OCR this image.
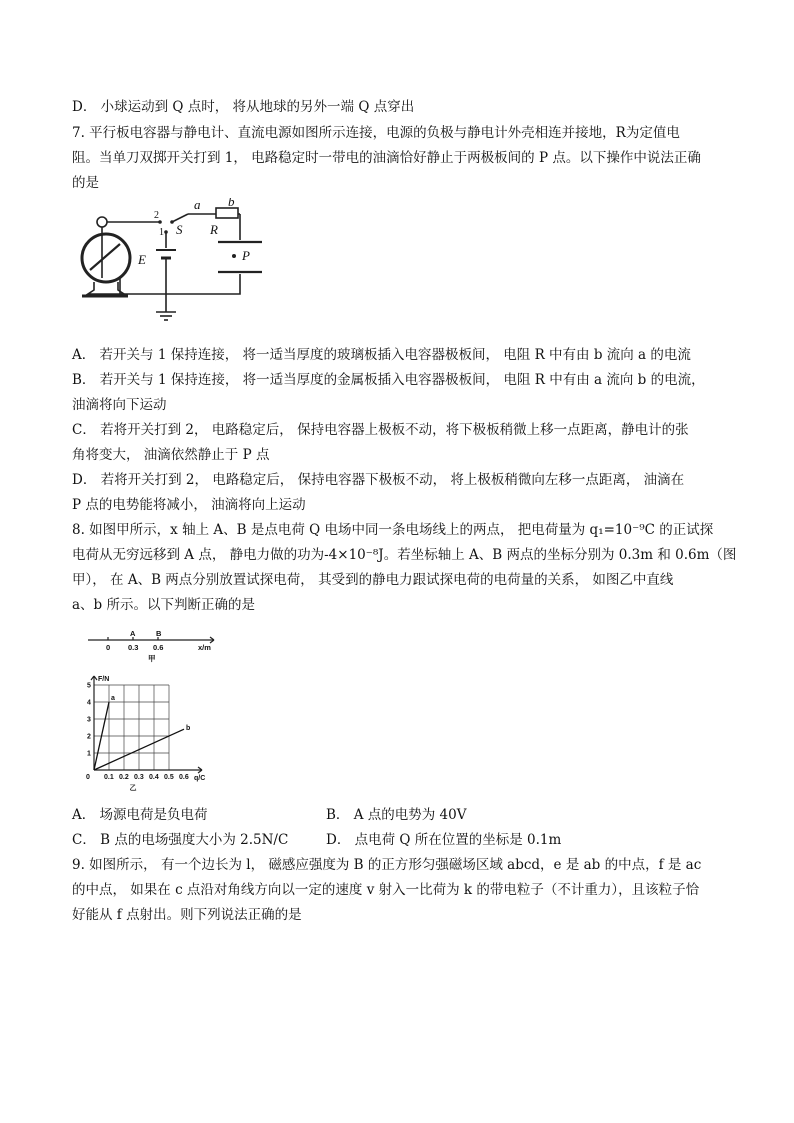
D． 小球运动到 Q 点时， 将从地球的另外一端 Q 点穿出
7. 平行板电容器与静电计、直流电源如图所示连接，电源的负极与静电计外壳相连并接地，R为定值电
阻。当单刀双掷开关打到 1， 电路稳定时一带电的油滴恰好静止于两极板间的 P 点。以下操作中说法正确
的是
a b
R
S
E	P
2
1
A． 若开关与 1 保持连接， 将一适当厚度的玻璃板插入电容器极板间， 电阻 R 中有由 b 流向 a 的电流
B． 若开关与 1 保持连接， 将一适当厚度的金属板插入电容器极板间， 电阻 R 中有由 a 流向 b 的电流，
油滴将向下运动
C． 若将开关打到 2， 电路稳定后， 保持电容器上极板不动，将下极板稍微上移一点距离，静电计的张
角将变大， 油滴依然静止于 P 点
D． 若将开关打到 2， 电路稳定后， 保持电容器下极板不动， 将上极板稍微向左移一点距离， 油滴在
P 点的电势能将减小， 油滴将向上运动
8. 如图甲所示，x 轴上 A、B 是点电荷 Q 电场中同一条电场线上的两点， 把电荷量为 q₁=10⁻⁹C 的正试探
电荷从无穷远移到 A 点， 静电力做的功为-4×10⁻⁸J。若坐标轴上 A、B 两点的坐标分别为 0.3m 和 0.6m（图
甲）， 在 A、B 两点分别放置试探电荷， 其受到的静电力跟试探电荷的电荷量的关系， 如图乙中直线
a、b 所示。以下判断正确的是
A	B
0 0.3 0.6	x/m
甲
F/N
q/C
1
2
3
4
5
0 0.1 0.2 0.3 0.4 0.5 0.6
a
b
乙
A． 场源电荷是负电荷	B． A 点的电势为 40V
C． B 点的电场强度大小为 2.5N/C	D． 点电荷 Q 所在位置的坐标是 0.1m
9. 如图所示， 有一个边长为 l， 磁感应强度为 B 的正方形匀强磁场区域 abcd，e 是 ab 的中点，f 是 ac
的中点， 如果在 c 点沿对角线方向以一定的速度 v 射入一比荷为 k 的带电粒子（不计重力），且该粒子恰
好能从 f 点射出。则下列说法正确的是
